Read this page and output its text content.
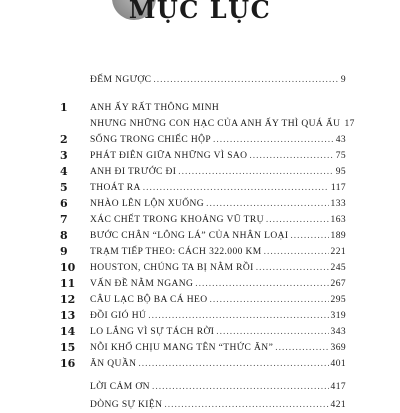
MỤC LỤC
ĐẾM NGƯỢC .....	9
1	ANH ẤY RẤT THÔNG MINH
NHƯNG NHỮNG CON HẠC CỦA ANH ẤY THÌ QUÁ ẨU 17
2	SỐNG TRONG CHIẾC HỘP .....	43
3	PHÁT ĐIÊN GIỮA NHỮNG VÌ SAO .....	75
4	ANH ĐI TRƯỚC ĐI .....	95
5	THOÁT RA .....	117
6	NHÀO LÊN LỘN XUỐNG .....	133
7	XÁC CHẾT TRONG KHOẢNG VŨ TRỤ .....	163
8	BƯỚC CHÂN “LÔNG LÁ” CỦA NHÂN LOẠI .....	189
9	TRẠM TIẾP THEO: CÁCH 322.000 KM .....	221
10	HOUSTON, CHÚNG TA BỊ NẰM RỒI .....	245
11	VẤN ĐỀ NẰM NGANG .....	267
12	CÂU LẠC BỘ BA CÁ HEO .....	295
13	ĐỒI GIÓ HÚ .....	319
14	LO LẮNG VÌ SỰ TÁCH RỜI .....	343
15	NỖI KHỔ CHỊU MANG TÊN “THỨC ĂN” .....	369
16	ĂN QUẦN .....	401
LỜI CẢM ƠN .....	417
DÒNG SỰ KIỆN .....	421
